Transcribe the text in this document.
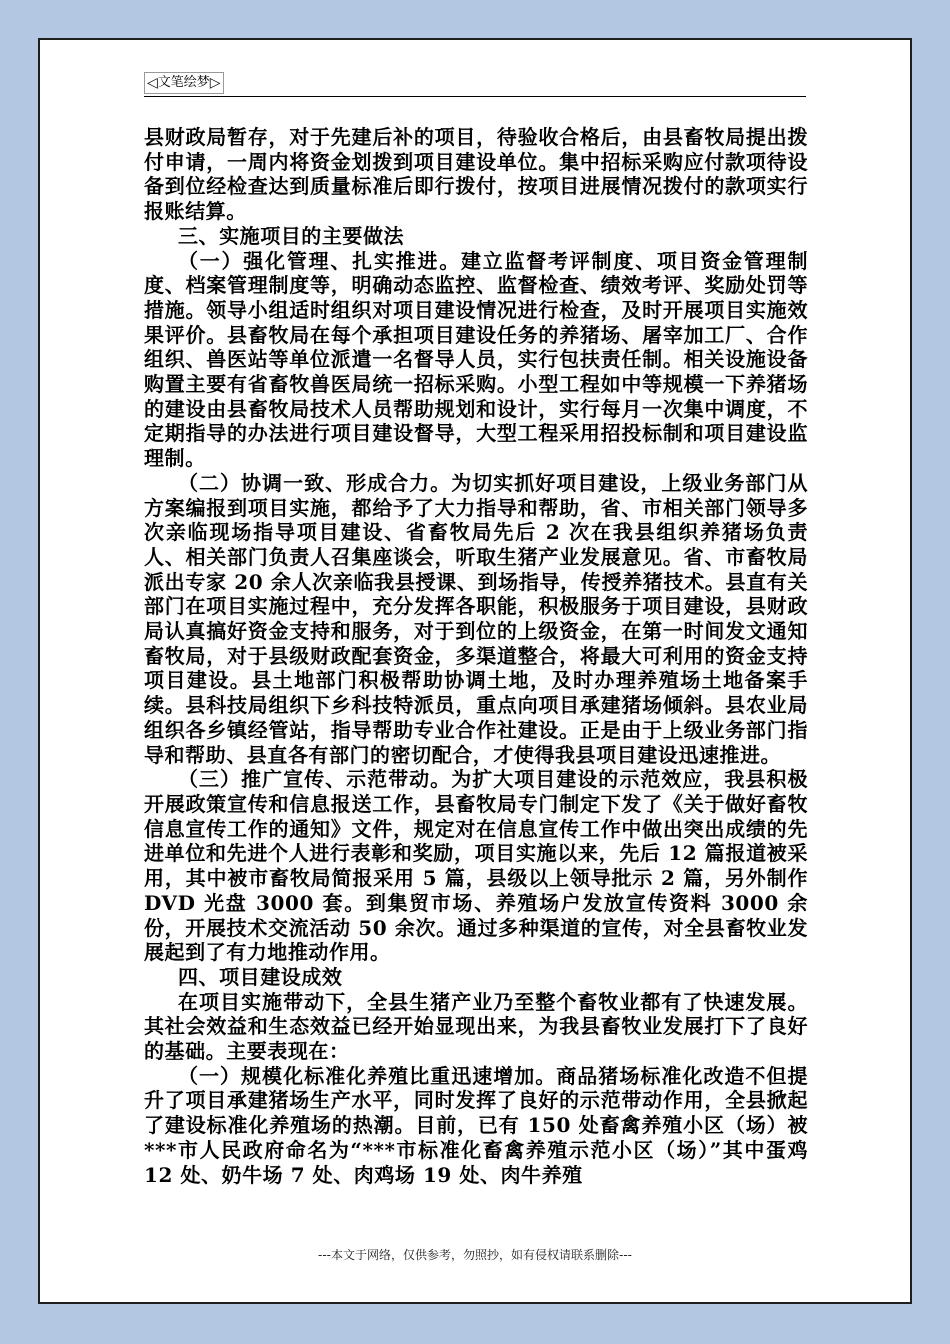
◁ 文笔绘梦 ▷

县财政局暂存，对于先建后补的项目，待验收合格后，由县畜牧局提出拨付申请，一周内将资金划拨到项目建设单位。集中招标采购应付款项待设备到位经检查达到质量标准后即行拨付，按项目进展情况拨付的款项实行报账结算。

三、实施项目的主要做法

（一）强化管理、扎实推进。建立监督考评制度、项目资金管理制度、档案管理制度等，明确动态监控、监督检查、绩效考评、奖励处罚等措施。领导小组适时组织对项目建设情况进行检查，及时开展项目实施效果评价。县畜牧局在每个承担项目建设任务的养猪场、屠宰加工厂、合作组织、兽医站等单位派遣一名督导人员，实行包扶责任制。相关设施设备购置主要有省畜牧兽医局统一招标采购。小型工程如中等规模一下养猪场的建设由县畜牧局技术人员帮助规划和设计，实行每月一次集中调度，不定期指导的办法进行项目建设督导，大型工程采用招投标制和项目建设监理制。

（二）协调一致、形成合力。为切实抓好项目建设，上级业务部门从方案编报到项目实施，都给予了大力指导和帮助，省、市相关部门领导多次亲临现场指导项目建设、省畜牧局先后 2 次在我县组织养猪场负责人、相关部门负责人召集座谈会，听取生猪产业发展意见。省、市畜牧局派出专家 20 余人次亲临我县授课、到场指导，传授养猪技术。县直有关部门在项目实施过程中，充分发挥各职能，积极服务于项目建设，县财政局认真搞好资金支持和服务，对于到位的上级资金，在第一时间发文通知畜牧局，对于县级财政配套资金，多渠道整合，将最大可利用的资金支持项目建设。县土地部门积极帮助协调土地，及时办理养殖场土地备案手续。县科技局组织下乡科技特派员，重点向项目承建猪场倾斜。县农业局组织各乡镇经管站，指导帮助专业合作社建设。正是由于上级业务部门指导和帮助、县直各有部门的密切配合，才使得我县项目建设迅速推进。

（三）推广宣传、示范带动。为扩大项目建设的示范效应，我县积极开展政策宣传和信息报送工作，县畜牧局专门制定下发了《关于做好畜牧信息宣传工作的通知》文件，规定对在信息宣传工作中做出突出成绩的先进单位和先进个人进行表彰和奖励，项目实施以来，先后 12 篇报道被采用，其中被市畜牧局简报采用 5 篇，县级以上领导批示 2 篇，另外制作 DVD 光盘 3000 套。到集贸市场、养殖场户发放宣传资料 3000 余份，开展技术交流活动 50 余次。通过多种渠道的宣传，对全县畜牧业发展起到了有力地推动作用。

四、项目建设成效

在项目实施带动下，全县生猪产业乃至整个畜牧业都有了快速发展。其社会效益和生态效益已经开始显现出来，为我县畜牧业发展打下了良好的基础。主要表现在：

（一）规模化标准化养殖比重迅速增加。商品猪场标准化改造不但提升了项目承建猪场生产水平，同时发挥了良好的示范带动作用，全县掀起了建设标准化养殖场的热潮。目前，已有 150 处畜禽养殖小区（场）被***市人民政府命名为“***市标准化畜禽养殖示范小区（场）”其中蛋鸡 12 处、奶牛场 7 处、肉鸡场 19 处、肉牛养殖

---本文于网络，仅供参考，勿照抄，如有侵权请联系删除---
